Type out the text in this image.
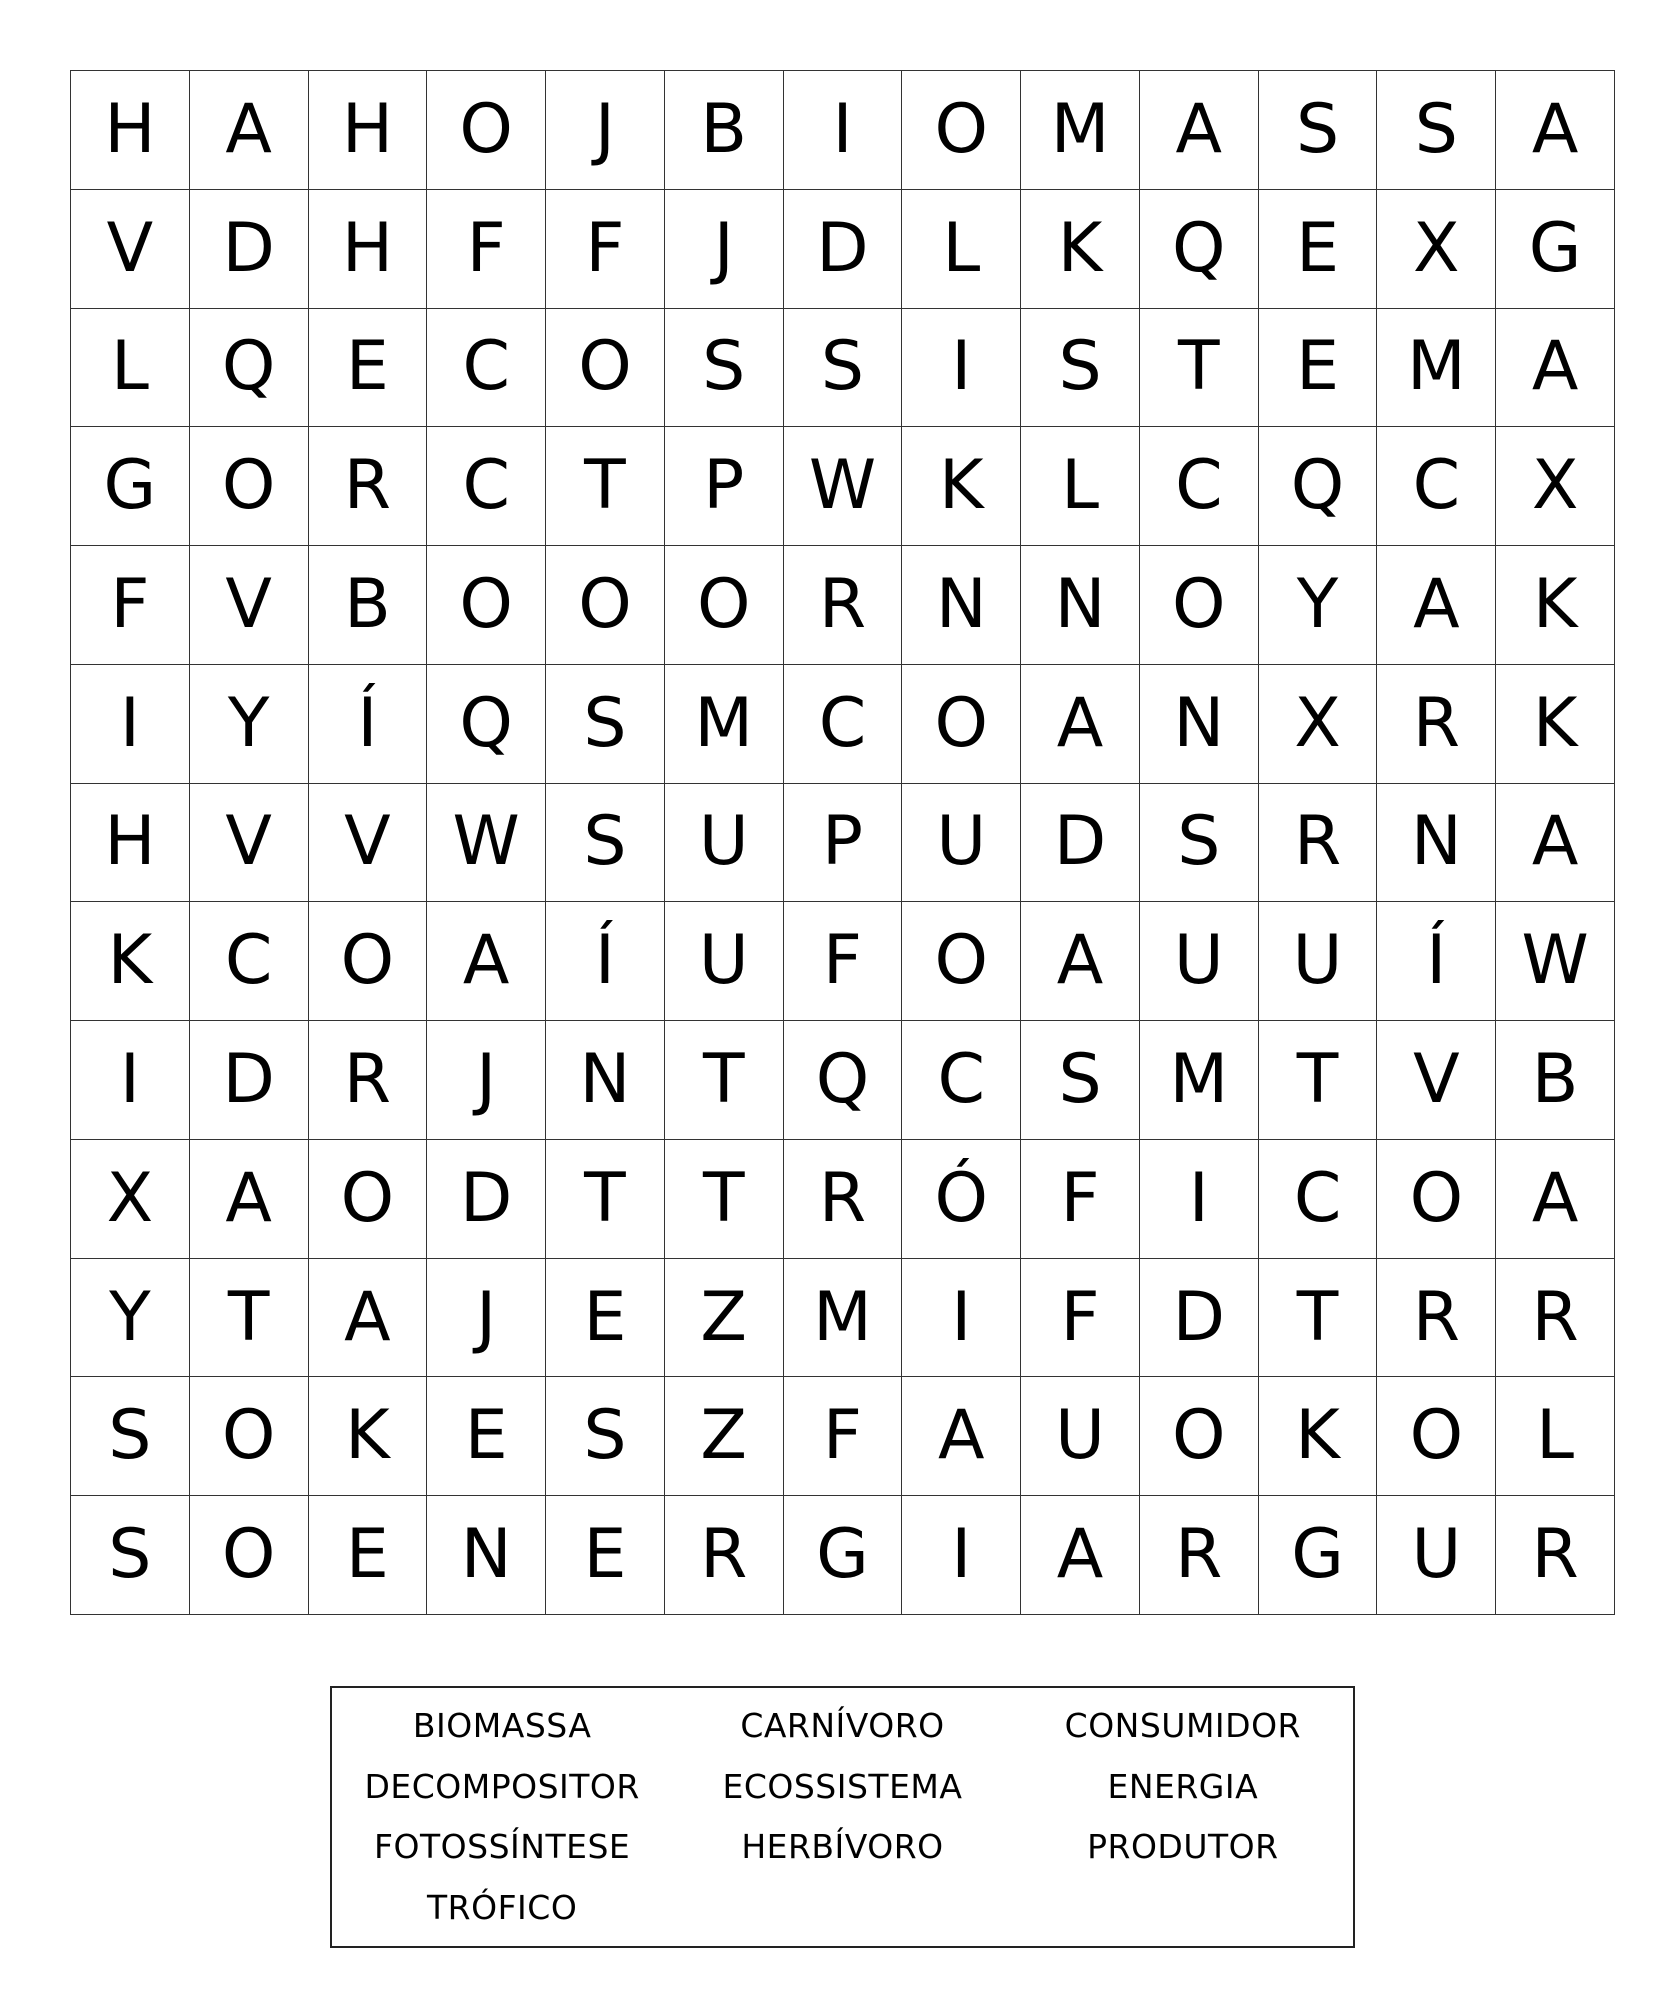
H	A	H O	J	B	I	O M A	S	S	A
V	D H	F	F	J	D	L	K	Q	E	X	G
L	Q	E	C	O	S	S	I	S	T	E M A
G O	R	C	T	P W K	L	C	Q	C	X
F	V	B	O O O	R	N N O	Y	A	K
I	Y	Í	Q	S M C	O	A	N	X	R	K
H	V	V W S	U	P	U D	S	R	N	A
K	C	O	A	Í	U	F	O	A	U	U	Í	W
I	D	R	J	N	T	Q	C	S M	T	V	B
X	A	O D	T	T	R	Ó	F	I	C	O	A
Y	T	A	J	E	Z M	I	F	D	T	R	R
S	O	K	E	S	Z	F	A	U O	K	O	L
S	O	E	N	E	R	G	I	A	R	G U	R
BIOMASSA	CARNÍVORO	CONSUMIDOR
DECOMPOSITOR	ECOSSISTEMA	ENERGIA
FOTOSSÍNTESE	HERBÍVORO	PRODUTOR
TRÓFICO
